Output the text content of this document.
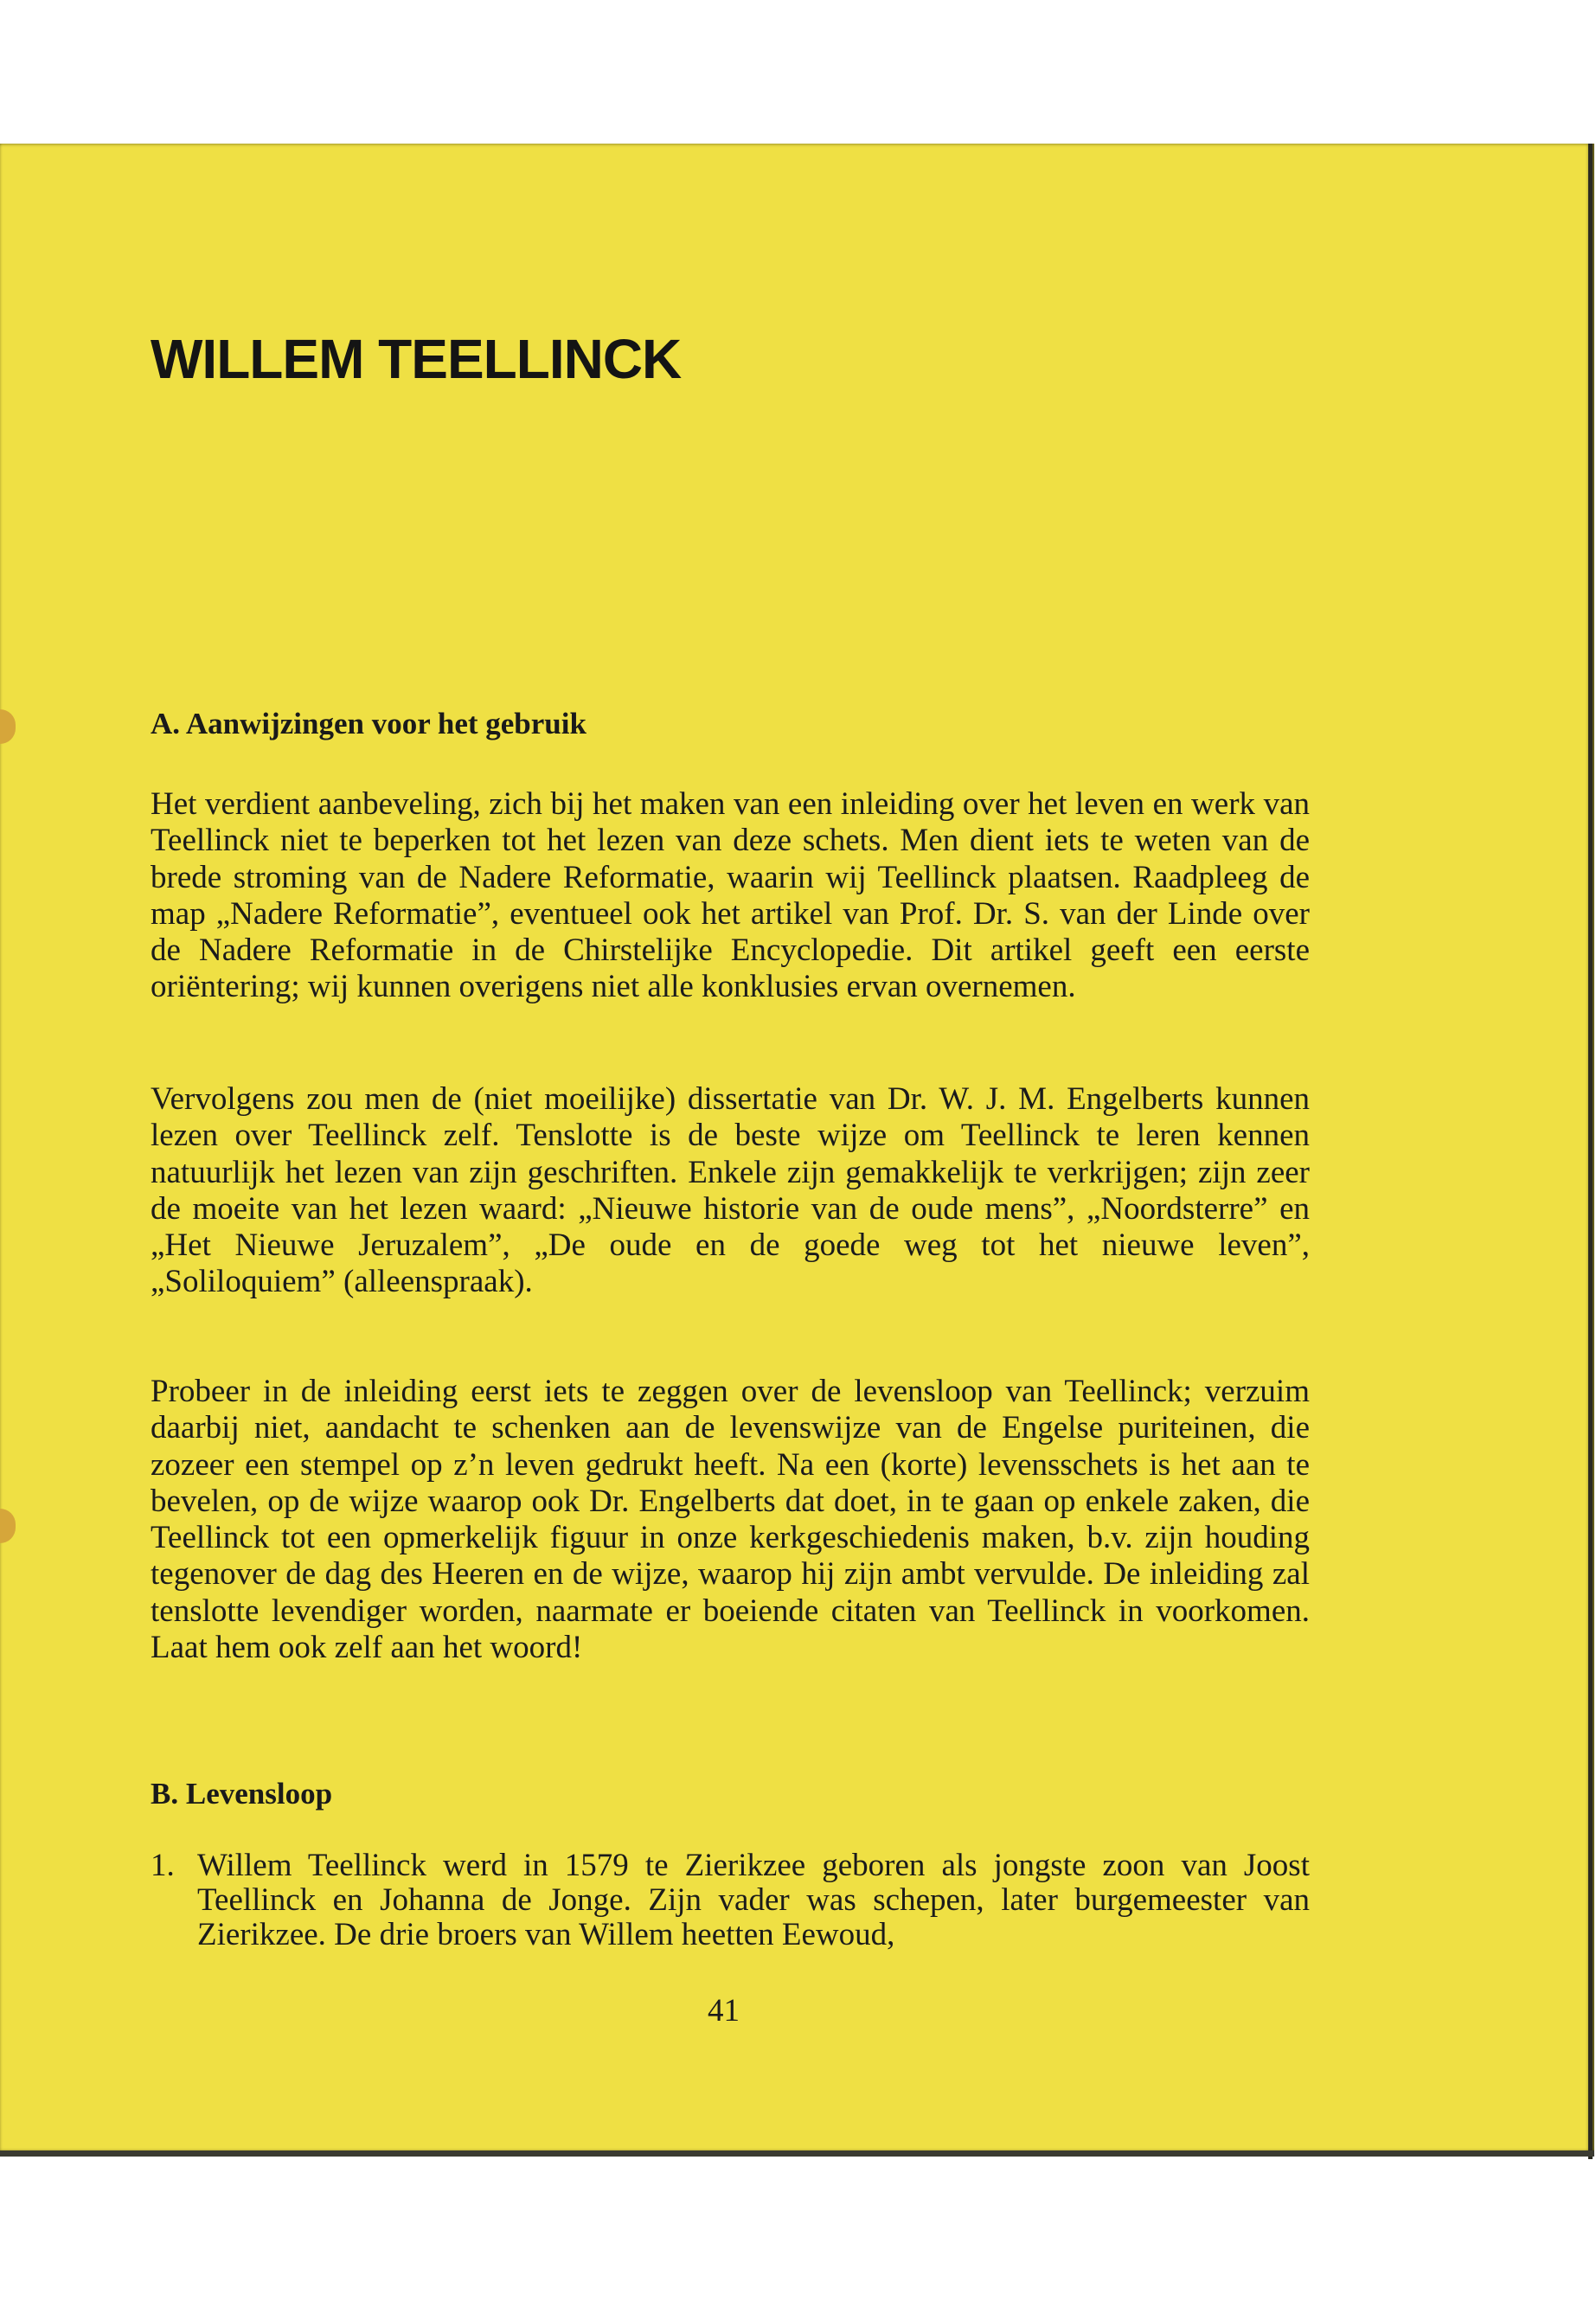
WILLEM TEELLINCK
A. Aanwijzingen voor het gebruik
Het verdient aanbeveling, zich bij het maken van een inleiding over het leven en werk van Teellinck niet te beperken tot het lezen van deze schets. Men dient iets te weten van de brede stroming van de Nadere Reformatie, waarin wij Teellinck plaatsen. Raadpleeg de map „Nadere Reformatie”, eventueel ook het artikel van Prof. Dr. S. van der Linde over de Nadere Reformatie in de Chirstelijke Encyclopedie. Dit artikel geeft een eerste oriëntering; wij kunnen overigens niet alle konklusies ervan overnemen.
Vervolgens zou men de (niet moeilijke) dissertatie van Dr. W. J. M. Engelberts kunnen lezen over Teellinck zelf. Tenslotte is de beste wijze om Teellinck te leren kennen natuurlijk het lezen van zijn geschriften. Enkele zijn gemakkelijk te verkrijgen; zijn zeer de moeite van het lezen waard: „Nieuwe historie van de oude mens”, „Noordsterre” en „Het Nieuwe Jeruzalem”, „De oude en de goede weg tot het nieuwe leven”, „Soliloquiem” (alleenspraak).
Probeer in de inleiding eerst iets te zeggen over de levensloop van Teellinck; verzuim daarbij niet, aandacht te schenken aan de levenswijze van de Engelse puriteinen, die zozeer een stempel op z’n leven gedrukt heeft. Na een (korte) levensschets is het aan te bevelen, op de wijze waarop ook Dr. Engelberts dat doet, in te gaan op enkele zaken, die Teellinck tot een opmerkelijk figuur in onze kerkgeschiedenis maken, b.v. zijn houding tegenover de dag des Heeren en de wijze, waarop hij zijn ambt vervulde. De inleiding zal tenslotte levendiger worden, naarmate er boeiende citaten van Teellinck in voorkomen. Laat hem ook zelf aan het woord!
B. Levensloop
1. Willem Teellinck werd in 1579 te Zierikzee geboren als jongste zoon van Joost Teellinck en Johanna de Jonge. Zijn vader was schepen, later burgemeester van Zierikzee. De drie broers van Willem heetten Eewoud,
41
